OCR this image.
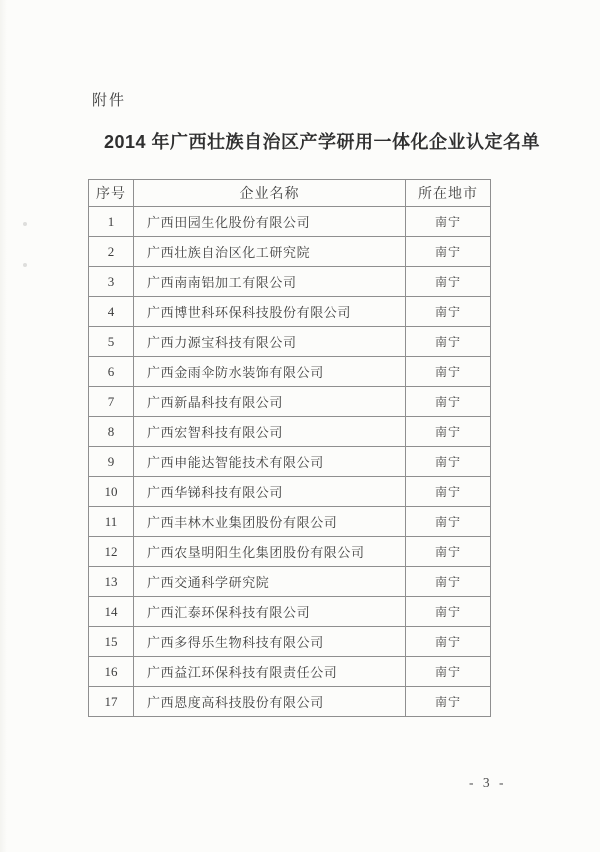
附件
2014 年广西壮族自治区产学研用一体化企业认定名单
序号	企业名称	所在地市
1	广西田园生化股份有限公司	南宁
2	广西壮族自治区化工研究院	南宁
3	广西南南铝加工有限公司	南宁
4	广西博世科环保科技股份有限公司	南宁
5	广西力源宝科技有限公司	南宁
6	广西金雨伞防水装饰有限公司	南宁
7	广西新晶科技有限公司	南宁
8	广西宏智科技有限公司	南宁
9	广西申能达智能技术有限公司	南宁
10	广西华锑科技有限公司	南宁
11	广西丰林木业集团股份有限公司	南宁
12	广西农垦明阳生化集团股份有限公司	南宁
13	广西交通科学研究院	南宁
14	广西汇泰环保科技有限公司	南宁
15	广西多得乐生物科技有限公司	南宁
16	广西益江环保科技有限责任公司	南宁
17	广西恩度高科技股份有限公司	南宁
- 3 -
